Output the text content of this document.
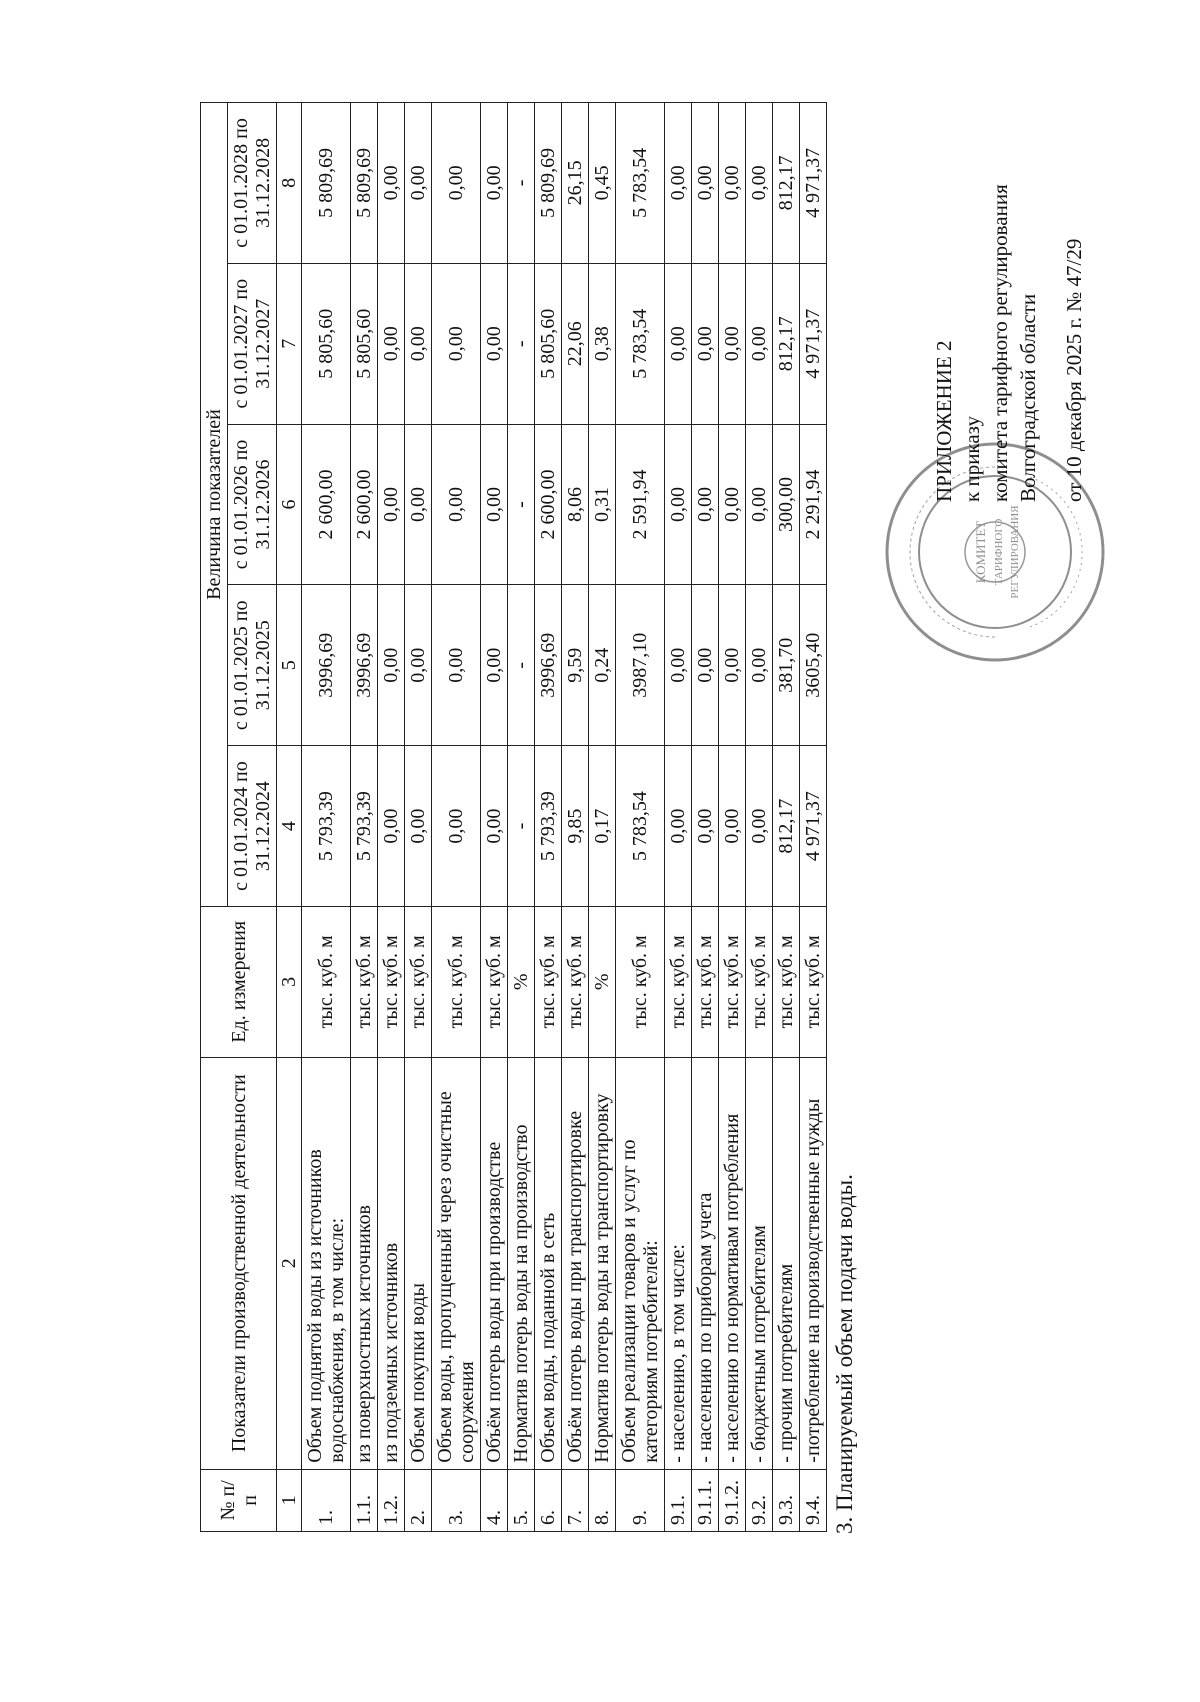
КОМИТЕТ ТАРИФНОГО РЕГУЛИРОВАНИЯ
ПРИЛОЖЕНИЕ 2 к приказу комитета тарифного регулирования Волгоградской области от 10 декабря 2025 г. № 47/29
3. Планируемый объем подачи воды.
№ п/п	Показатели производственной деятельности	Ед. измерения	Величина показателей				
			с 01.01.2024 по 31.12.2024	с 01.01.2025 по 31.12.2025	с 01.01.2026 по 31.12.2026	с 01.01.2027 по 31.12.2027	с 01.01.2028 по 31.12.2028
1	2	3	4	5	6	7	8
1.	Объем поднятой воды из источников водоснабжения, в том числе:	тыс. куб. м	5 793,39	3996,69	2 600,00	5 805,60	5 809,69
1.1.	из поверхностных источников	тыс. куб. м	5 793,39	3996,69	2 600,00	5 805,60	5 809,69
1.2.	из подземных источников	тыс. куб. м	0,00	0,00	0,00	0,00	0,00
2.	Объем покупки воды	тыс. куб. м	0,00	0,00	0,00	0,00	0,00
3.	Объем воды, пропущенный через очистные сооружения	тыс. куб. м	0,00	0,00	0,00	0,00	0,00
4.	Объём потерь воды при производстве	тыс. куб. м	0,00	0,00	0,00	0,00	0,00
5.	Норматив потерь воды на производство	%	-	-	-	-	-
6.	Объем воды, поданной в сеть	тыс. куб. м	5 793,39	3996,69	2 600,00	5 805,60	5 809,69
7.	Объём потерь воды при транспортировке	тыс. куб. м	9,85	9,59	8,06	22,06	26,15
8.	Норматив потерь воды на транспортировку	%	0,17	0,24	0,31	0,38	0,45
9.	Объем реализации товаров и услуг по категориям потребителей:	тыс. куб. м	5 783,54	3987,10	2 591,94	5 783,54	5 783,54
9.1.	- населению, в том числе:	тыс. куб. м	0,00	0,00	0,00	0,00	0,00
9.1.1.	- населению по приборам учета	тыс. куб. м	0,00	0,00	0,00	0,00	0,00
9.1.2.	- населению по нормативам потребления	тыс. куб. м	0,00	0,00	0,00	0,00	0,00
9.2.	- бюджетным потребителям	тыс. куб. м	0,00	0,00	0,00	0,00	0,00
9.3.	- прочим потребителям	тыс. куб. м	812,17	381,70	300,00	812,17	812,17
9.4.	-потребление на производственные нужды	тыс. куб. м	4 971,37	3605,40	2 291,94	4 971,37	4 971,37
